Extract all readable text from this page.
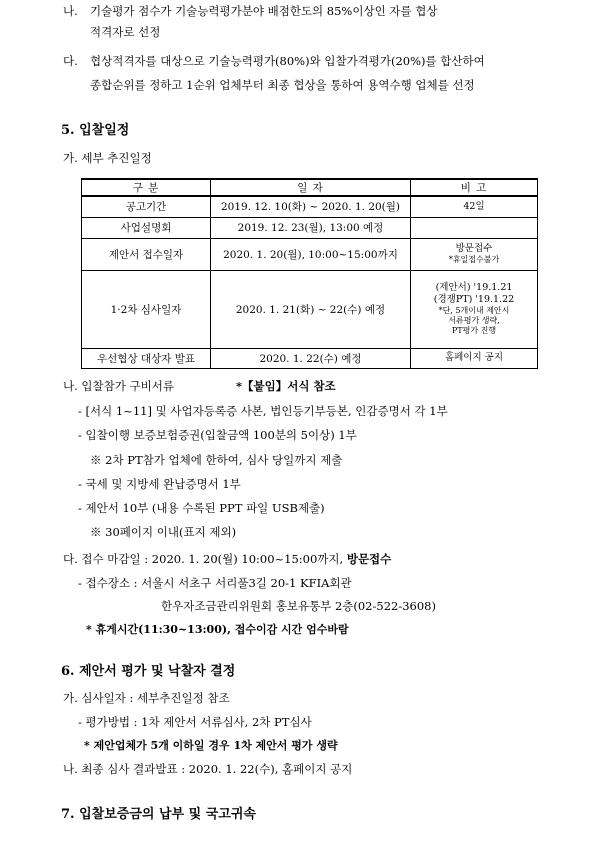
나. 기술평가 점수가 기술능력평가분야 배점한도의 85%이상인 자를 협상
적격자로 선정
다. 협상적격자를 대상으로 기술능력평가(80%)와 입찰가격평가(20%)를 합산하여
종합순위를 정하고 1순위 업체부터 최종 협상을 통하여 용역수행 업체를 선정
5. 입찰일정
가. 세부 추진일정
구 분	일 자	비 고
공고기간	2019. 12. 10(화) ~ 2020. 1. 20(월)	42일

사업설명회	2019. 12. 23(월), 13:00 예정	
제안서 접수일자	2020. 1. 20(월), 10:00~15:00까지	방문접수
*휴일접수불가

1·2차 심사일자	2020. 1. 21(화) ~ 22(수) 예정	(제안서) '19.1.21
(경쟁PT) '19.1.22
*단, 5개이내 제안시
서류평가 생략,
PT평가 진행

우선협상 대상자 발표	2020. 1. 22(수) 예정	홈페이지 공지
나. 입찰참가 구비서류	*【붙임】서식 참조
- [서식 1~11] 및 사업자등록증 사본, 법인등기부등본, 인감증명서 각 1부
- 입찰이행 보증보험증권(입찰금액 100분의 5이상) 1부
※ 2차 PT참가 업체에 한하여, 심사 당일까지 제출
- 국세 및 지방세 완납증명서 1부
- 제안서 10부 (내용 수록된 PPT 파일 USB제출)
※ 30페이지 이내(표지 제외)
다. 접수 마감일 : 2020. 1. 20(월) 10:00~15:00까지, 방문접수
- 접수장소 : 서울시 서초구 서리풀3길 20-1 KFIA회관
한우자조금관리위원회 홍보유통부 2층(02-522-3608)
* 휴게시간(11:30~13:00), 접수이감 시간 엄수바람
6. 제안서 평가 및 낙찰자 결정
가. 심사일자 : 세부추진일정 참조
- 평가방법 : 1차 제안서 서류심사, 2차 PT심사
* 제안업체가 5개 이하일 경우 1차 제안서 평가 생략
나. 최종 심사 결과발표 : 2020. 1. 22(수), 홈페이지 공지
7. 입찰보증금의 납부 및 국고귀속
